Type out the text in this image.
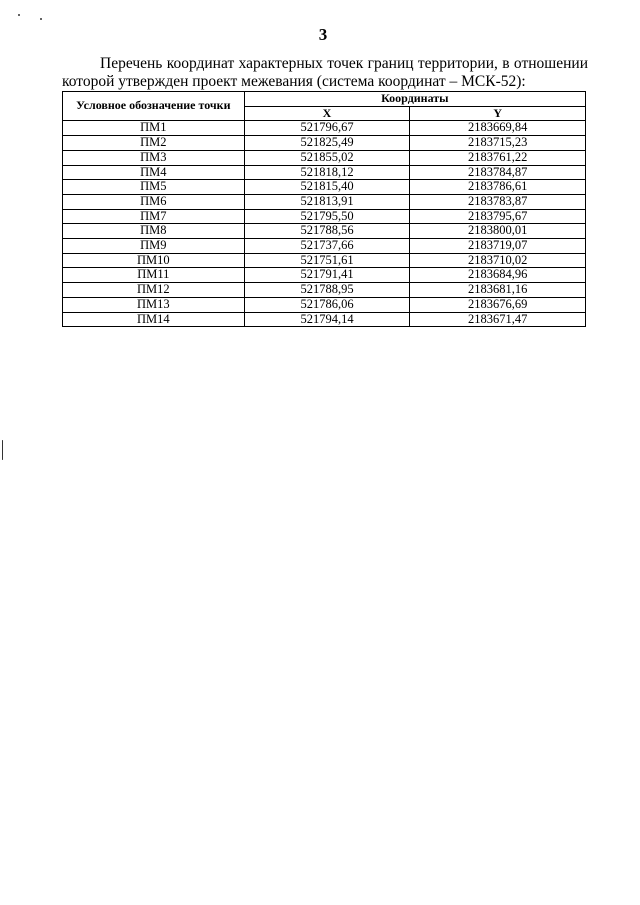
3
Перечень координат характерных точек границ территории, в отношении которой утвержден проект межевания (система координат – МСК-52):
Условное обозначение точки	Координаты	
	X	Y
ПМ1	521796,67	2183669,84
ПМ2	521825,49	2183715,23
ПМ3	521855,02	2183761,22
ПМ4	521818,12	2183784,87
ПМ5	521815,40	2183786,61
ПМ6	521813,91	2183783,87
ПМ7	521795,50	2183795,67
ПМ8	521788,56	2183800,01
ПМ9	521737,66	2183719,07
ПМ10	521751,61	2183710,02
ПМ11	521791,41	2183684,96
ПМ12	521788,95	2183681,16
ПМ13	521786,06	2183676,69
ПМ14	521794,14	2183671,47
